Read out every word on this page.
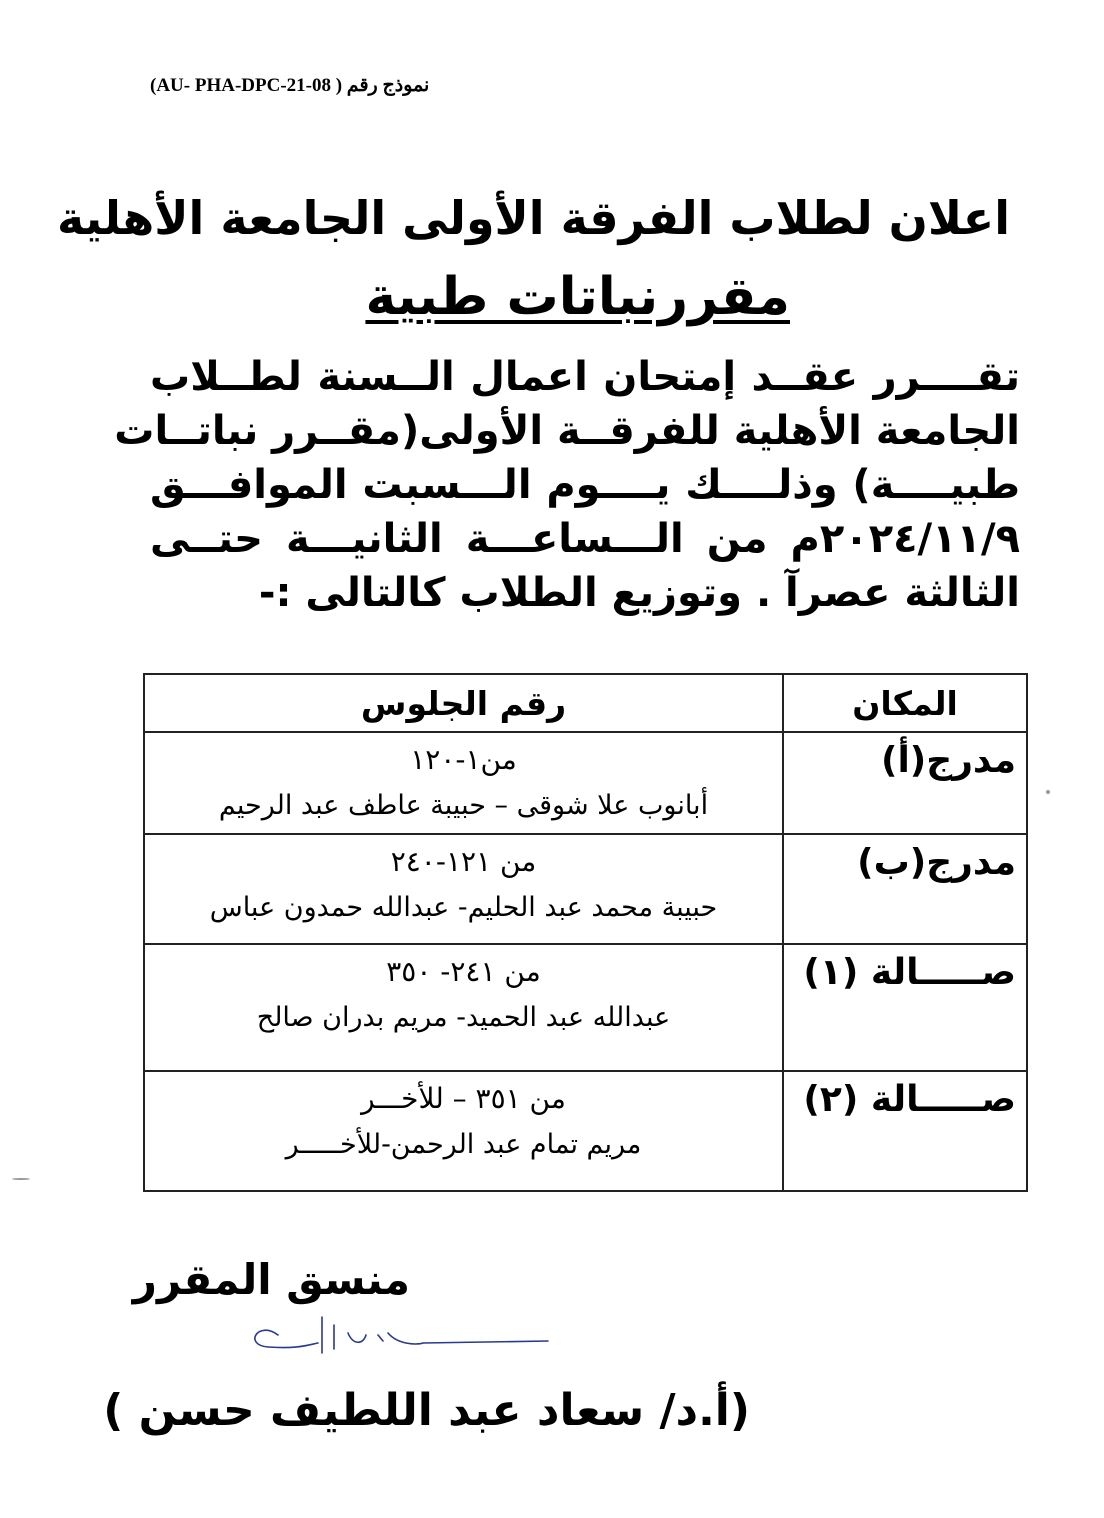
نموذج رقم ( AU- PHA-DPC-21-08)
اعلان لطلاب الفرقة الأولى الجامعة الأهلية
مقررنباتات طبية

تقــــرر عقــد إمتحان اعمال الــسنة لطــلاب

الجامعة الأهلية للفرقــة الأولى(مقــرر نباتــات

طبيــــة) وذلــــك يــــوم الـــسبت الموافـــق

٢٠٢٤/١١/٩م من الـــساعـــة الثانيـــة حتــى

الثالثة عصرآ . وتوزيع الطلاب كالتالى :-

المكان	رقم الجلوس
مدرج(أ)	من١-١٢٠
أبانوب علا شوقى – حبيبة عاطف عبد الرحيم

مدرج(ب)	من ١٢١-٢٤٠
حبيبة محمد عبد الحليم- عبدالله حمدون عباس

صـــــالة (١)	من ٢٤١- ٣٥٠
عبدالله عبد الحميد- مريم بدران صالح

صـــــالة (٢)	من ٣٥١ – للأخـــر
مريم تمام عبد الرحمن-للأخـــــر
منسق المقرر
(أ.د/ سعاد عبد اللطيف حسن )
